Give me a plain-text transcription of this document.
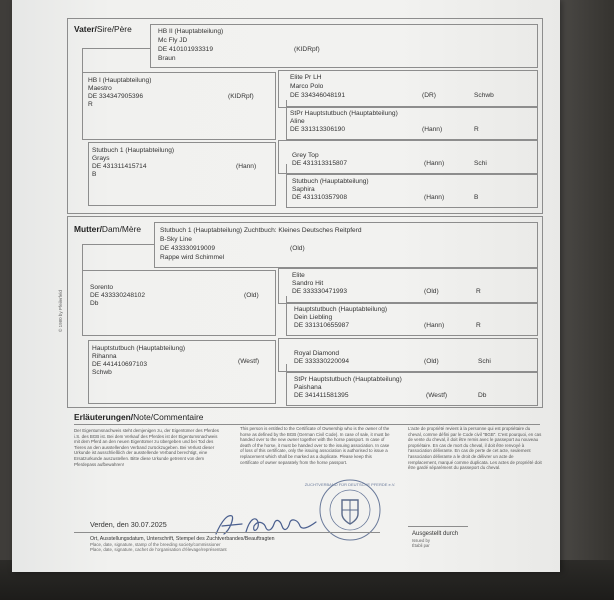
Vater/Sire/Père	HB II (Hauptabteilung)
Mc Fly JD
DE 410101933319	(KIDRpf)
Braun
HB I (Hauptabteilung)
Maestro
DE 334347905396	(KIDRpf)
R
Elite Pr LH
Marco Polo
DE 334346048191	(DR)	Schwb
StPr Hauptstutbuch (Hauptabteilung)
Aline
DE 331313306190	(Hann)	R
Stutbuch 1 (Hauptabteilung)
Grays
DE 431311415714	(Hann)
B
Grey Top
DE 431313315807	(Hann)	Schi
Stutbuch (Hauptabteilung)
Saphira
DE 431310357908	(Hann)	B
Mutter/Dam/Mère	Stutbuch 1 (Hauptabteilung) Zuchtbuch: Kleines Deutsches Reitpferd
B-Sky Line
DE 433330919009	(Old)
Rappe wird Schimmel
Sorento
DE 433330248102	(Old)
Db
Elite
Sandro Hit
DE 333330471993	(Old)	R
Hauptstutbuch (Hauptabteilung)
Dein Liebling
DE 331310655987	(Hann)	R
Hauptstutbuch (Hauptabteilung)
Rihanna
DE 441410697103	(Westf)
Schwb
Royal Diamond
DE 333330220094	(Old)	Schi
StPr Hauptstutbuch (Hauptabteilung)
Paishana
DE 341411581395	(Westf)	Db
© 1980 by Pfeilerfeld
Erläuterungen/Note/Commentaire
Der Eigentumsnachweis steht demjenigen zu, der Eigentümer des Pferdes i.S. des BGB ist. Bei dem Verkauf des Pferdes ist der Eigentumsnachweis mit dem Pferd an den neuen Eigentümer zu übergeben und bei Tod des Tieres an den ausstellenden Verband zurückzugeben. Bei Verlust dieser Urkunde ist ausschließlich der ausstellende Verband berechtigt, eine Ersatzurkunde auszustellen. Bitte diese Urkunde getrennt von dem Pferdepass aufbewahren!
This person is entitled to the Certificate of Ownership who is the owner of the horse as defined by the BGB (German Civil Code). In case of sale, it must be handed over to the new owner together with the horse passport. In case of death of the horse, it must be handed over to the issuing association. In case of loss of this certificate, only the issuing association is authorised to issue a replacement which shall be marked as a duplicate. Please keep this certificate of owner separately from the horse passport.
L'acte de propriété revient à la personne qui est propriétaire du cheval, comme défini par le Code civil "BGB". C'est pourquoi, en cas de vente du cheval, il doit être remis avec le passeport au nouveau propriétaire. En cas de mort du cheval, il doit être renvoyé à l'association délivrante. En cas de perte de cet acte, seulement l'association délivrante a le droit de délivrer un acte de remplacement, marqué comme duplicata. Les actes de propriété doit être gardé séparément du passeport du cheval.
Verden, den 30.07.2025
A. Brede
ZUCHTVERBAND FÜR DEUTSCHE PFERDE e.V.
Ort, Ausstellungsdatum, Unterschrift, Stempel des Zuchtverbandes/Beauftragten
Place, date, signature, stamp of the breeding society/commissioner
Place, date, signature, cachet de l'organisation d'élevage/représentant
Ausgestellt durch
Issued by
Établi par
